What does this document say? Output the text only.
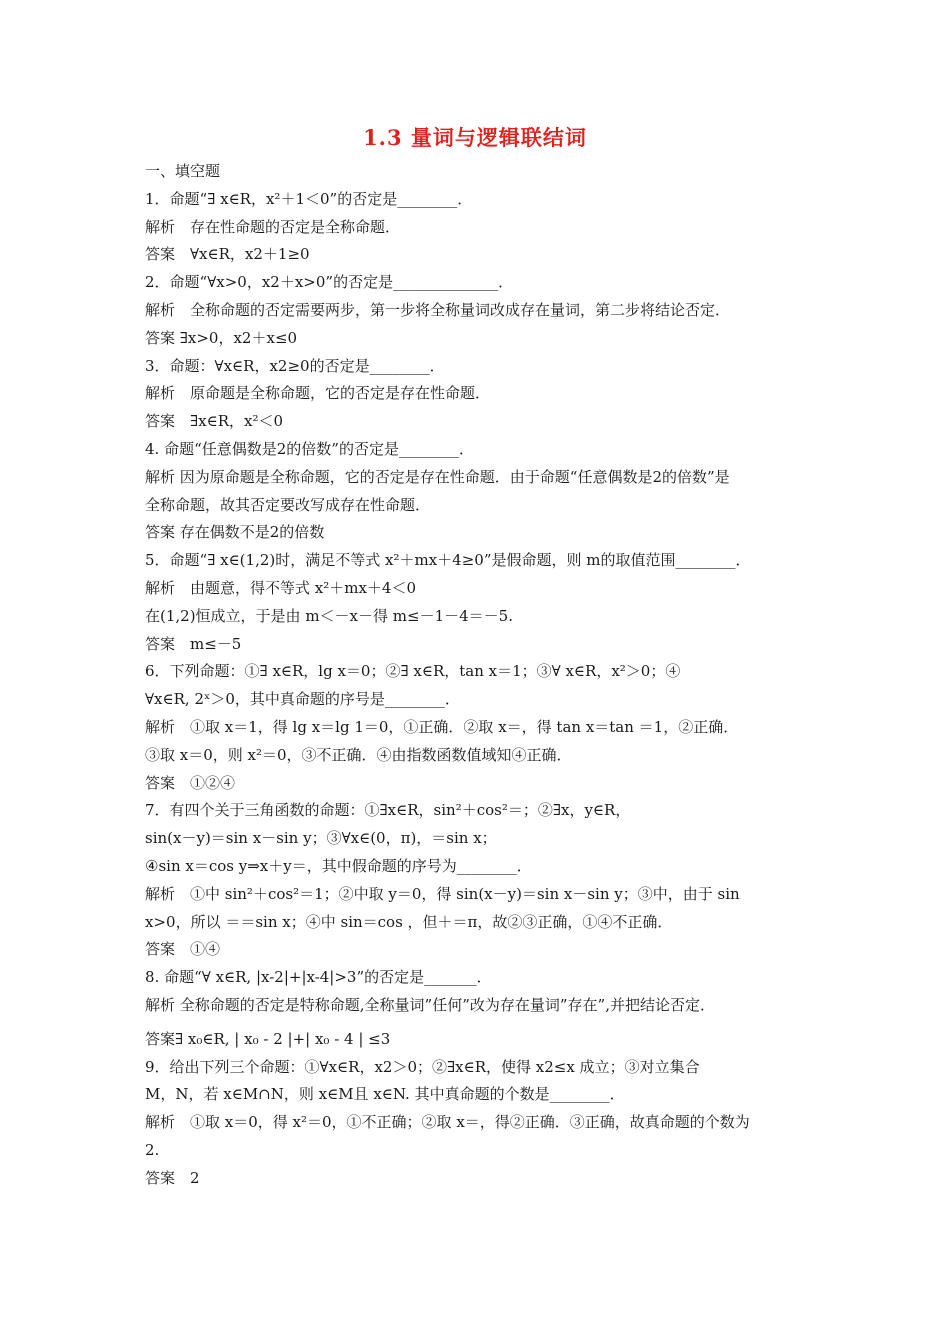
1.3 量词与逻辑联结词
一、填空题
1．命题“∃ x∈R，x²＋1＜0”的否定是________．
解析　存在性命题的否定是全称命题．
答案　∀x∈R，x2＋1≥0
2．命题“∀x>0，x2＋x>0”的否定是______________．
解析　全称命题的否定需要两步，第一步将全称量词改成存在量词，第二步将结论否定．
答案 ∃x>0，x2＋x≤0
3．命题：∀x∈R，x2≥0的否定是________．
解析　原命题是全称命题，它的否定是存在性命题．
答案　∃x∈R，x²＜0
4. 命题“任意偶数是2的倍数”的否定是________．
解析 因为原命题是全称命题，它的否定是存在性命题．由于命题“任意偶数是2的倍数”是
全称命题，故其否定要改写成存在性命题．
答案 存在偶数不是2的倍数
5．命题“∃ x∈(1,2)时，满足不等式 x²＋mx＋4≥0”是假命题，则 m的取值范围________．
解析　由题意，得不等式 x²＋mx＋4＜0
在(1,2)恒成立，于是由 m＜－x－得 m≤－1－4＝－5.
答案　m≤－5
6．下列命题：①∃ x∈R，lg x＝0；②∃ x∈R，tan x＝1；③∀ x∈R，x²＞0；④
∀x∈R, 2ˣ＞0，其中真命题的序号是________．
解析　①取 x＝1，得 lg x＝lg 1＝0，①正确．②取 x＝，得 tan x＝tan ＝1，②正确．
③取 x＝0，则 x²＝0，③不正确．④由指数函数值域知④正确．
答案　①②④
7．有四个关于三角函数的命题：①∃x∈R，sin²＋cos²＝；②∃x，y∈R，
sin(x－y)＝sin x－sin y；③∀x∈(0，π)，＝sin x；
④sin x＝cos y⇒x＋y＝，其中假命题的序号为________．
解析　①中 sin²＋cos²＝1；②中取 y＝0，得 sin(x－y)＝sin x－sin y；③中，由于 sin
x>0，所以 ＝＝sin x；④中 sin＝cos ，但＋＝π，故②③正确，①④不正确．
答案　①④
8. 命题“∀ x∈R, |x-2|+|x-4|>3”的否定是_______．
解析 全称命题的否定是特称命题,全称量词”任何”改为存在量词”存在”,并把结论否定．
答案∃ x₀∈R, | x₀ - 2 |+| x₀ - 4 | ≤3
9．给出下列三个命题：①∀x∈R，x2＞0；②∃x∈R，使得 x2≤x 成立；③对立集合
M，N，若 x∈M∩N，则 x∈M且 x∈N. 其中真命题的个数是________．
解析　①取 x＝0，得 x²＝0，①不正确；②取 x＝，得②正确．③正确，故真命题的个数为
2.
答案　2
